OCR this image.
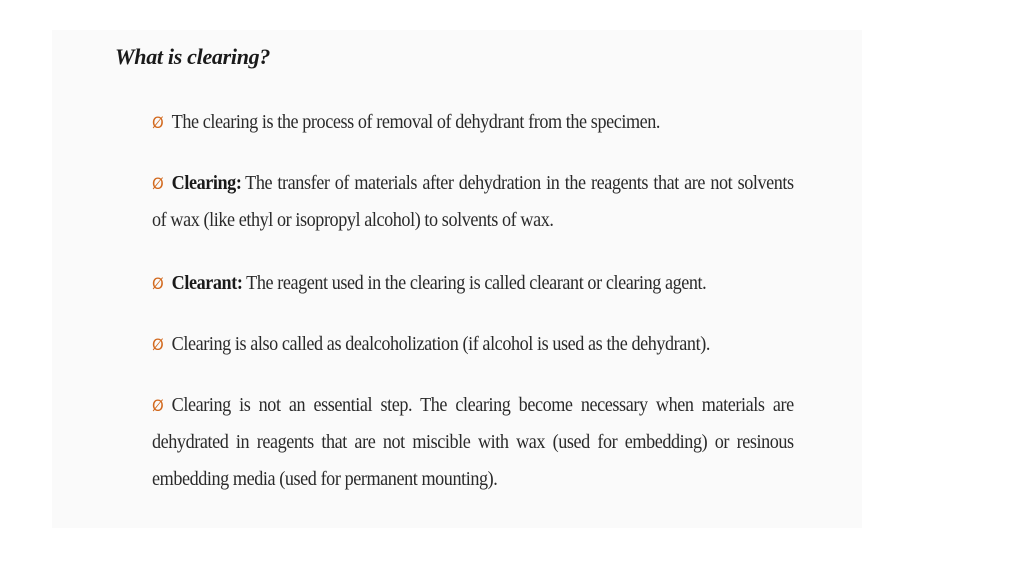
What is clearing?

Ø The clearing is the process of removal of dehydrant from the specimen.

Ø Clearing: The transfer of materials after dehydration in the reagents that are not solvents of wax (like ethyl or isopropyl alcohol) to solvents of wax.

Ø Clearant: The reagent used in the clearing is called clearant or clearing agent.

Ø Clearing is also called as dealcoholization (if alcohol is used as the dehydrant).

Ø Clearing is not an essential step. The clearing become necessary when materials are dehydrated in reagents that are not miscible with wax (used for embedding) or resinous embedding media (used for permanent mounting).
